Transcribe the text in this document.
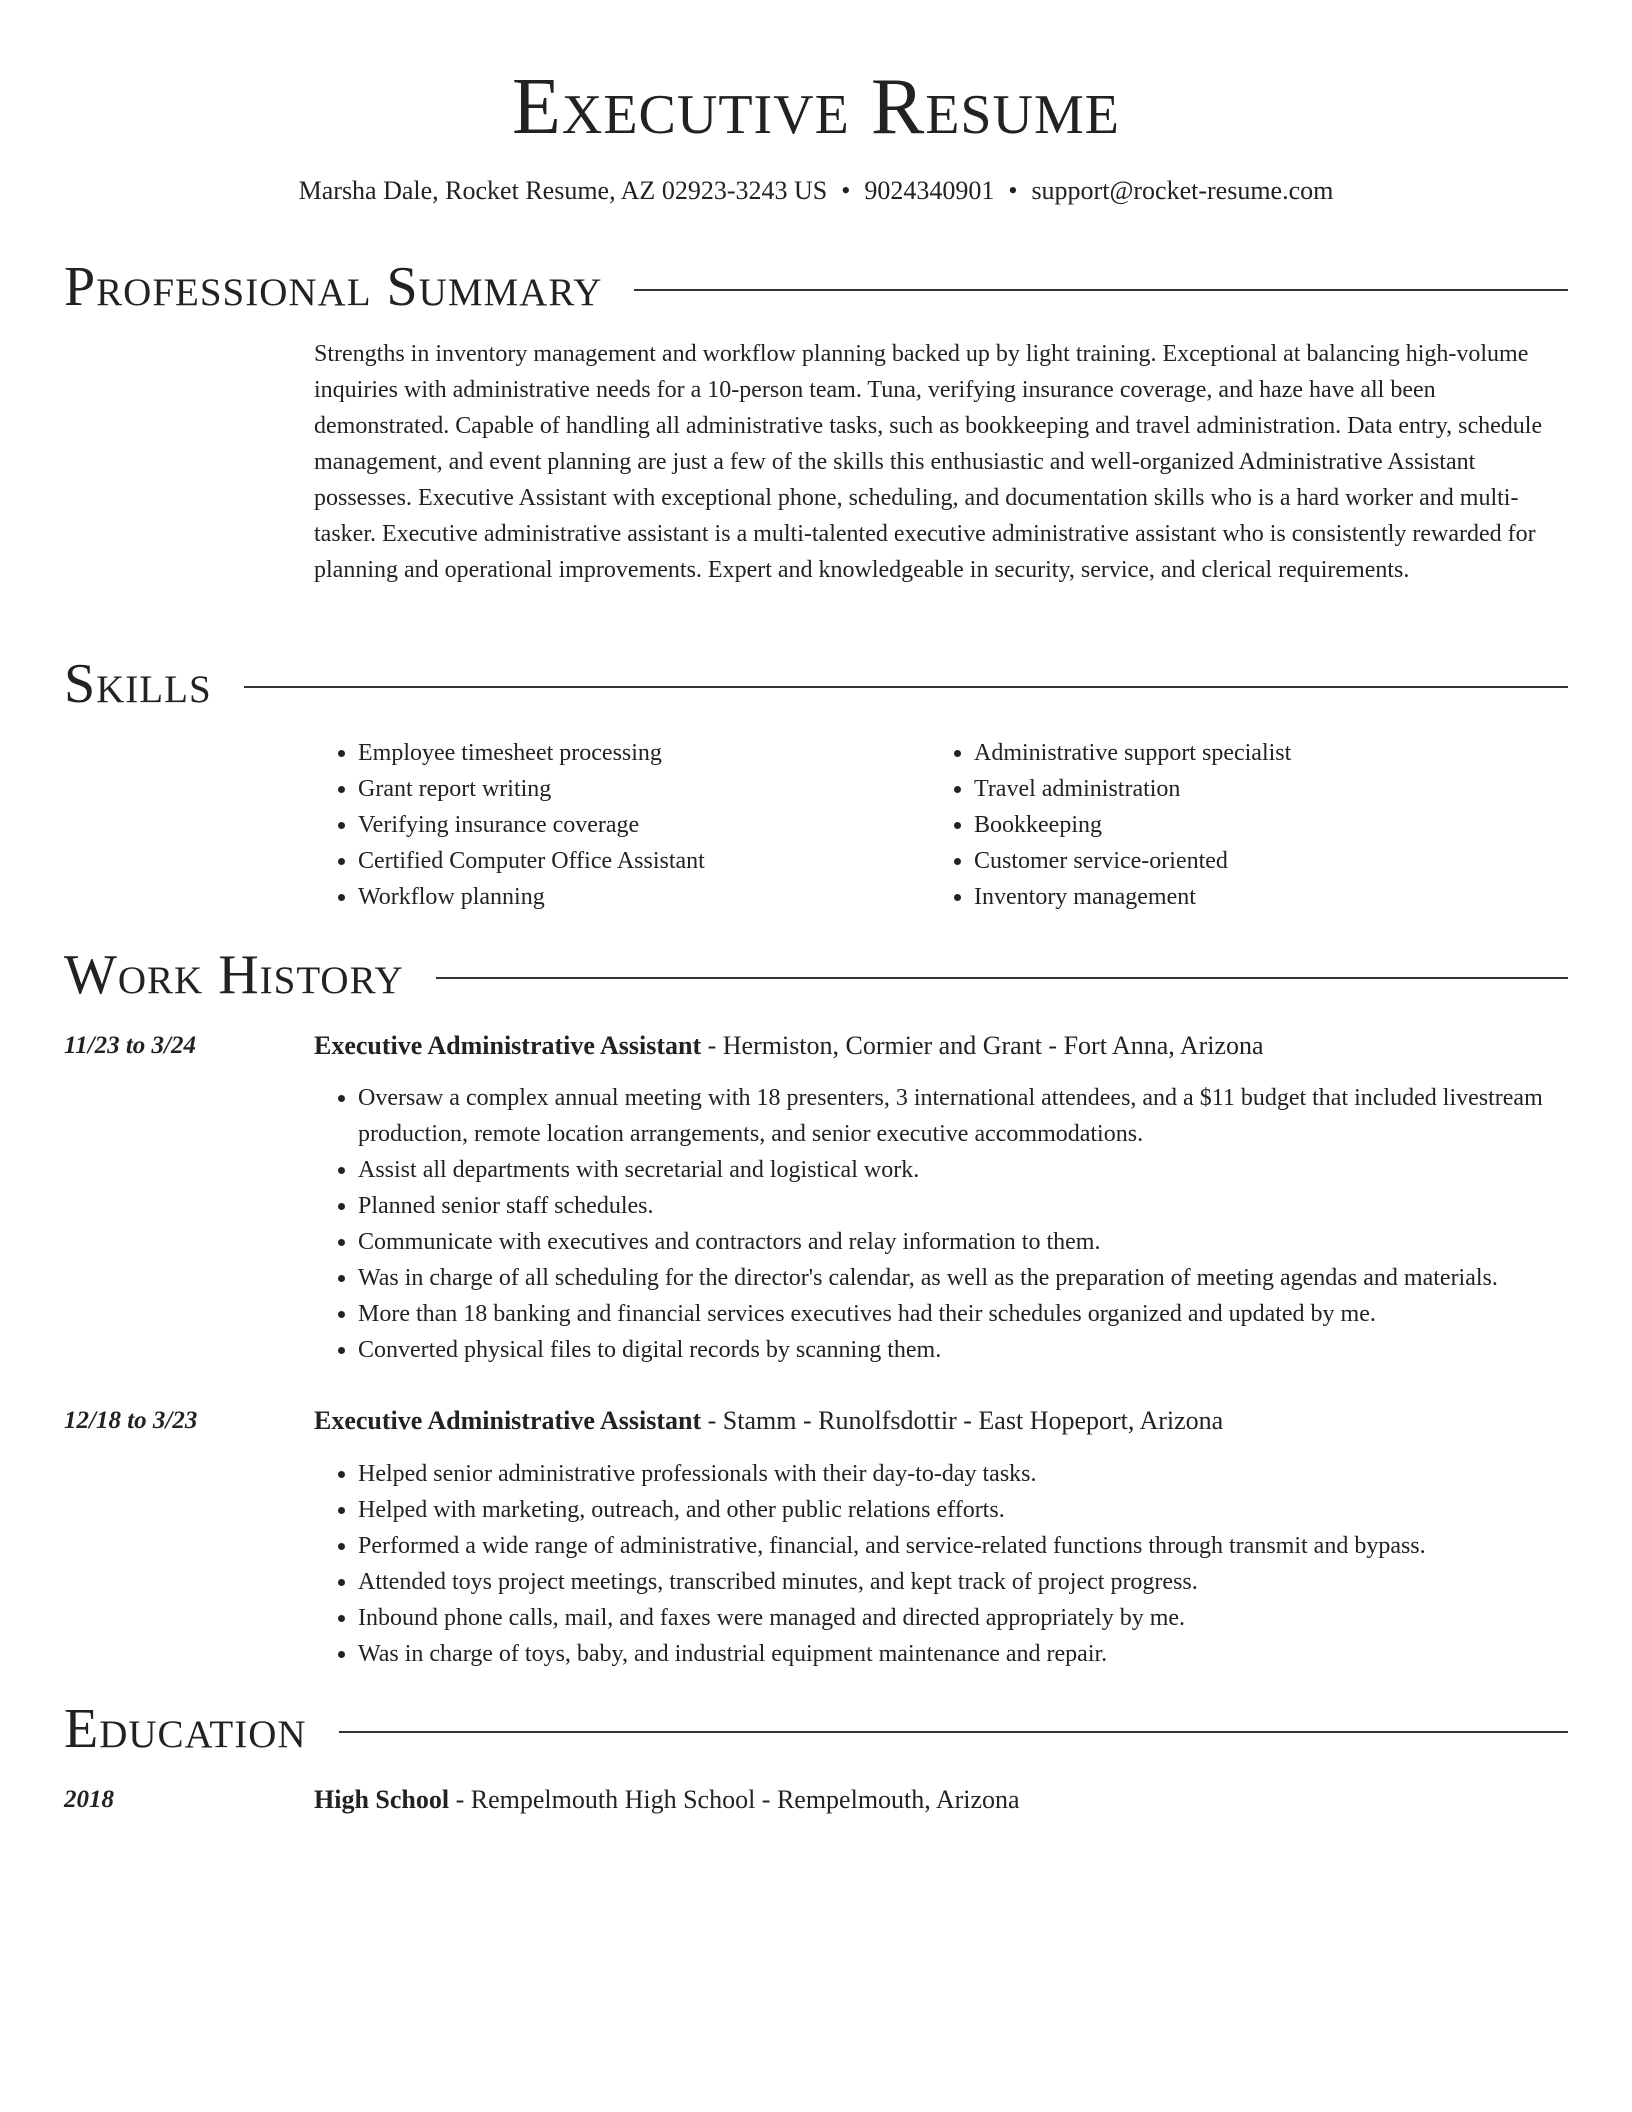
Executive Resume
Marsha Dale, Rocket Resume, AZ 02923-3243 US • 9024340901 • support@rocket-resume.com
Professional Summary

Strengths in inventory management and workflow planning backed up by light training. Exceptional at balancing high-volume inquiries with administrative needs for a 10-person team. Tuna, verifying insurance coverage, and haze have all been demonstrated. Capable of handling all administrative tasks, such as bookkeeping and travel administration. Data entry, schedule management, and event planning are just a few of the skills this enthusiastic and well-organized Administrative Assistant possesses. Executive Assistant with exceptional phone, scheduling, and documentation skills who is a hard worker and multi-tasker. Executive administrative assistant is a multi-talented executive administrative assistant who is consistently rewarded for planning and operational improvements. Expert and knowledgeable in security, service, and clerical requirements.

Skills
• Employee timesheet processing
• Grant report writing
• Verifying insurance coverage
• Certified Computer Office Assistant
• Workflow planning
• Administrative support specialist
• Travel administration
• Bookkeeping
• Customer service-oriented
• Inventory management
Work History
11/23 to 3/24	Executive Administrative Assistant - Hermiston, Cormier and Grant - Fort Anna, Arizona
• Oversaw a complex annual meeting with 18 presenters, 3 international attendees, and a $11 budget that included livestream production, remote location arrangements, and senior executive accommodations.
• Assist all departments with secretarial and logistical work.
• Planned senior staff schedules.
• Communicate with executives and contractors and relay information to them.
• Was in charge of all scheduling for the director's calendar, as well as the preparation of meeting agendas and materials.
• More than 18 banking and financial services executives had their schedules organized and updated by me.
• Converted physical files to digital records by scanning them.
12/18 to 3/23	Executive Administrative Assistant - Stamm - Runolfsdottir - East Hopeport, Arizona
• Helped senior administrative professionals with their day-to-day tasks.
• Helped with marketing, outreach, and other public relations efforts.
• Performed a wide range of administrative, financial, and service-related functions through transmit and bypass.
• Attended toys project meetings, transcribed minutes, and kept track of project progress.
• Inbound phone calls, mail, and faxes were managed and directed appropriately by me.
• Was in charge of toys, baby, and industrial equipment maintenance and repair.
Education
2018	High School - Rempelmouth High School - Rempelmouth, Arizona
